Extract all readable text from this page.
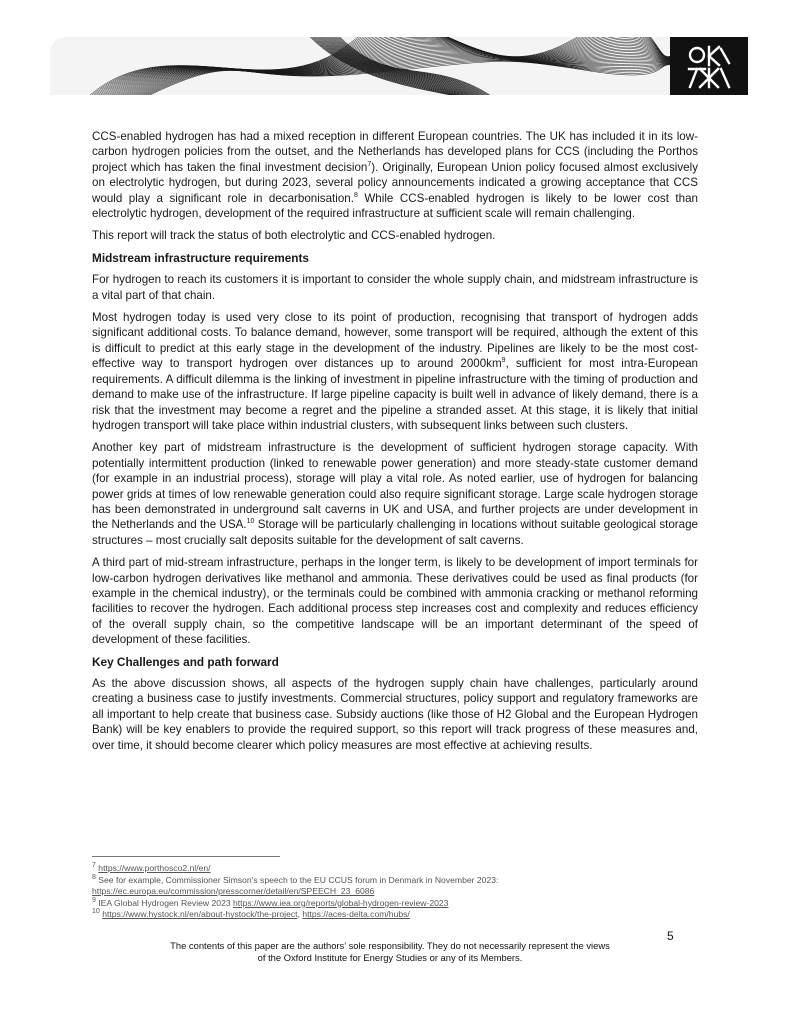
CCS-enabled hydrogen has had a mixed reception in different European countries. The UK has included it in its low-carbon hydrogen policies from the outset, and the Netherlands has developed plans for CCS (including the Porthos project which has taken the final investment decision$^7$). Originally, European Union policy focused almost exclusively on electrolytic hydrogen, but during 2023, several policy announcements indicated a growing acceptance that CCS would play a significant role in decarbonisation.$^8$ While CCS-enabled hydrogen is likely to be lower cost than electrolytic hydrogen, development of the required infrastructure at sufficient scale will remain challenging.

This report will track the status of both electrolytic and CCS-enabled hydrogen.

Midstream infrastructure requirements

For hydrogen to reach its customers it is important to consider the whole supply chain, and midstream infrastructure is a vital part of that chain.

Most hydrogen today is used very close to its point of production, recognising that transport of hydrogen adds significant additional costs. To balance demand, however, some transport will be required, although the extent of this is difficult to predict at this early stage in the development of the industry. Pipelines are likely to be the most cost-effective way to transport hydrogen over distances up to around $2000km^9$, sufficient for most intra-European requirements. A difficult dilemma is the linking of investment in pipeline infrastructure with the timing of production and demand to make use of the infrastructure. If large pipeline capacity is built well in advance of likely demand, there is a risk that the investment may become a regret and the pipeline a stranded asset. At this stage, it is likely that initial hydrogen transport will take place within industrial clusters, with subsequent links between such clusters.

Another key part of midstream infrastructure is the development of sufficient hydrogen storage capacity. With potentially intermittent production (linked to renewable power generation) and more steady-state customer demand (for example in an industrial process), storage will play a vital role. As noted earlier, use of hydrogen for balancing power grids at times of low renewable generation could also require significant storage. Large scale hydrogen storage has been demonstrated in underground salt caverns in UK and USA, and further projects are under development in the Netherlands and the USA.$^{10}$ Storage will be particularly challenging in locations without suitable geological storage structures – most crucially salt deposits suitable for the development of salt caverns.

A third part of mid-stream infrastructure, perhaps in the longer term, is likely to be development of import terminals for low-carbon hydrogen derivatives like methanol and ammonia. These derivatives could be used as final products (for example in the chemical industry), or the terminals could be combined with ammonia cracking or methanol reforming facilities to recover the hydrogen. Each additional process step increases cost and complexity and reduces efficiency of the overall supply chain, so the competitive landscape will be an important determinant of the speed of development of these facilities.

Key Challenges and path forward

As the above discussion shows, all aspects of the hydrogen supply chain have challenges, particularly around creating a business case to justify investments. Commercial structures, policy support and regulatory frameworks are all important to help create that business case. Subsidy auctions (like those of H2 Global and the European Hydrogen Bank) will be key enablers to provide the required support, so this report will track progress of these measures and, over time, it should become clearer which policy measures are most effective at achieving results.

$^7$ https://www.porthosco2.nl/en/
$^8$ See for example, Commissioner Simson’s speech to the EU CCUS forum in Denmark in November 2023:
https://ec.europa.eu/commission/presscorner/detail/en/SPEECH_23_6086
$^9$ IEA Global Hydrogen Review 2023 https://www.iea.org/reports/global-hydrogen-review-2023
$^{10}$ https://www.hystock.nl/en/about-hystock/the-project, https://aces-delta.com/hubs/
5
The contents of this paper are the authors’ sole responsibility. They do not necessarily represent the views
of the Oxford Institute for Energy Studies or any of its Members.
